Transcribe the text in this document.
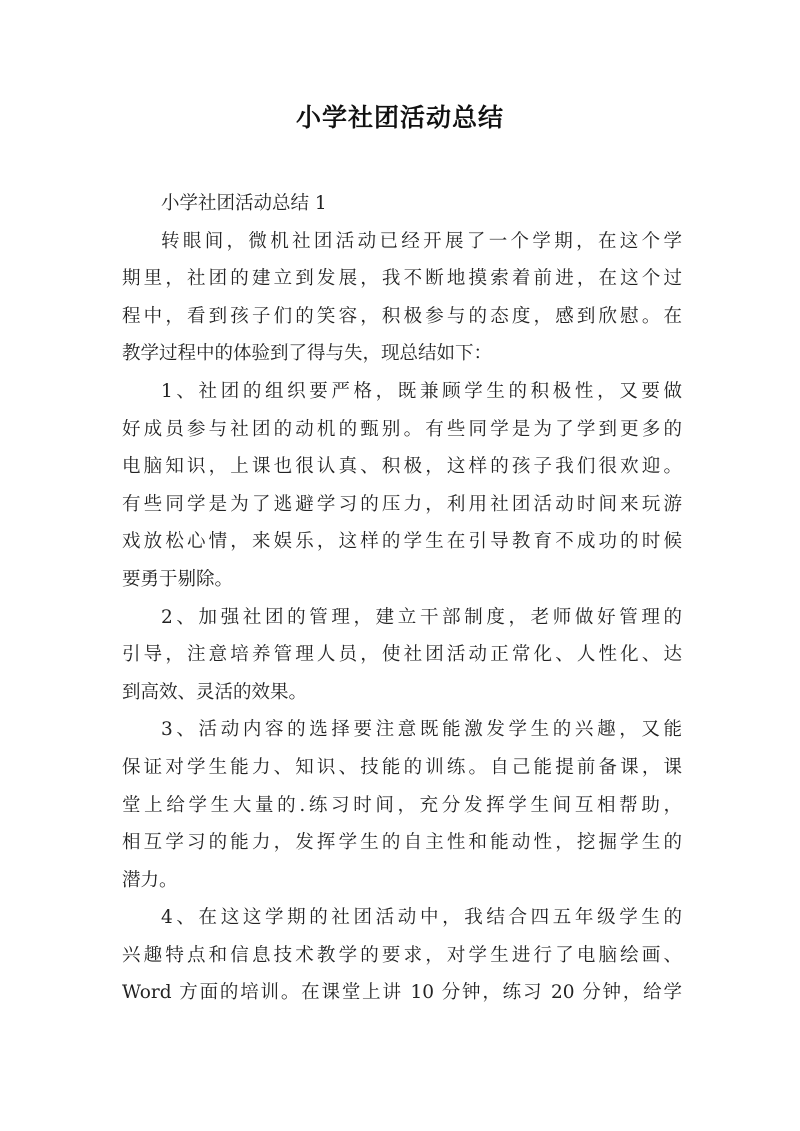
小学社团活动总结
小学社团活动总结 1
转眼间，微机社团活动已经开展了一个学期，在这个学
期里，社团的建立到发展，我不断地摸索着前进，在这个过
程中，看到孩子们的笑容，积极参与的态度，感到欣慰。在
教学过程中的体验到了得与失，现总结如下：
1、社团的组织要严格，既兼顾学生的积极性，又要做
好成员参与社团的动机的甄别。有些同学是为了学到更多的
电脑知识，上课也很认真、积极，这样的孩子我们很欢迎。
有些同学是为了逃避学习的压力，利用社团活动时间来玩游
戏放松心情，来娱乐，这样的学生在引导教育不成功的时候
要勇于剔除。
2、加强社团的管理，建立干部制度，老师做好管理的
引导，注意培养管理人员，使社团活动正常化、人性化、达
到高效、灵活的效果。
3、活动内容的选择要注意既能激发学生的兴趣，又能
保证对学生能力、知识、技能的训练。自己能提前备课，课
堂上给学生大量的.练习时间，充分发挥学生间互相帮助，
相互学习的能力，发挥学生的自主性和能动性，挖掘学生的
潜力。
4、在这这学期的社团活动中，我结合四五年级学生的
兴趣特点和信息技术教学的要求，对学生进行了电脑绘画、
Word 方面的培训。在课堂上讲 10 分钟，练习 20 分钟，给学
